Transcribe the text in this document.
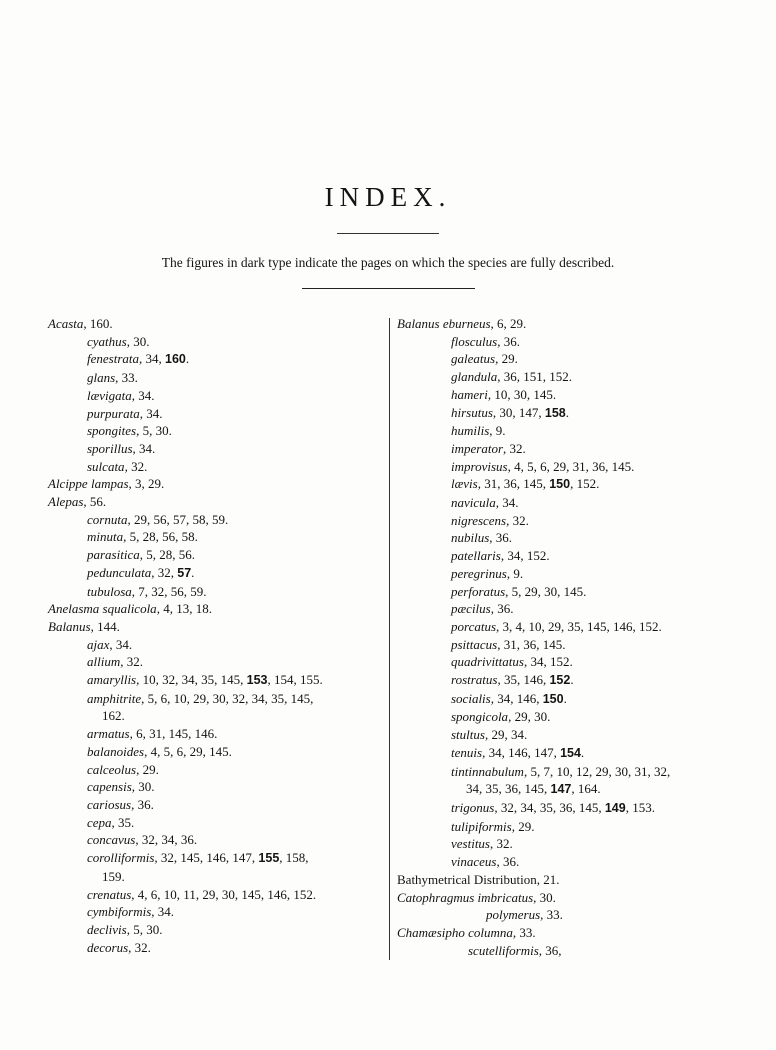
INDEX.
The figures in dark type indicate the pages on which the species are fully described.
Acasta, 160.
cyathus, 30.
fenestrata, 34, 160.
glans, 33.
lævigata, 34.
purpurata, 34.
spongites, 5, 30.
sporillus, 34.
sulcata, 32.
Alcippe lampas, 3, 29.
Alepas, 56.
cornuta, 29, 56, 57, 58, 59.
minuta, 5, 28, 56, 58.
parasitica, 5, 28, 56.
pedunculata, 32, 57.
tubulosa, 7, 32, 56, 59.
Anelasma squalicola, 4, 13, 18.
Balanus, 144.
ajax, 34.
allium, 32.
amaryllis, 10, 32, 34, 35, 145, 153, 154, 155.
amphitrite, 5, 6, 10, 29, 30, 32, 34, 35, 145,
162.
armatus, 6, 31, 145, 146.
balanoides, 4, 5, 6, 29, 145.
calceolus, 29.
capensis, 30.
cariosus, 36.
cepa, 35.
concavus, 32, 34, 36.
corolliformis, 32, 145, 146, 147, 155, 158,
159.
crenatus, 4, 6, 10, 11, 29, 30, 145, 146, 152.
cymbiformis, 34.
declivis, 5, 30.
decorus, 32.
Balanus eburneus, 6, 29.
flosculus, 36.
galeatus, 29.
glandula, 36, 151, 152.
hameri, 10, 30, 145.
hirsutus, 30, 147, 158.
humilis, 9.
imperator, 32.
improvisus, 4, 5, 6, 29, 31, 36, 145.
lævis, 31, 36, 145, 150, 152.
navicula, 34.
nigrescens, 32.
nubilus, 36.
patellaris, 34, 152.
peregrinus, 9.
perforatus, 5, 29, 30, 145.
pæcilus, 36.
porcatus, 3, 4, 10, 29, 35, 145, 146, 152.
psittacus, 31, 36, 145.
quadrivittatus, 34, 152.
rostratus, 35, 146, 152.
socialis, 34, 146, 150.
spongicola, 29, 30.
stultus, 29, 34.
tenuis, 34, 146, 147, 154.
tintinnabulum, 5, 7, 10, 12, 29, 30, 31, 32,
34, 35, 36, 145, 147, 164.
trigonus, 32, 34, 35, 36, 145, 149, 153.
tulipiformis, 29.
vestitus, 32.
vinaceus, 36.
Bathymetrical Distribution, 21.
Catophragmus imbricatus, 30.
polymerus, 33.
Chamæsipho columna, 33.
scutelliformis, 36,
